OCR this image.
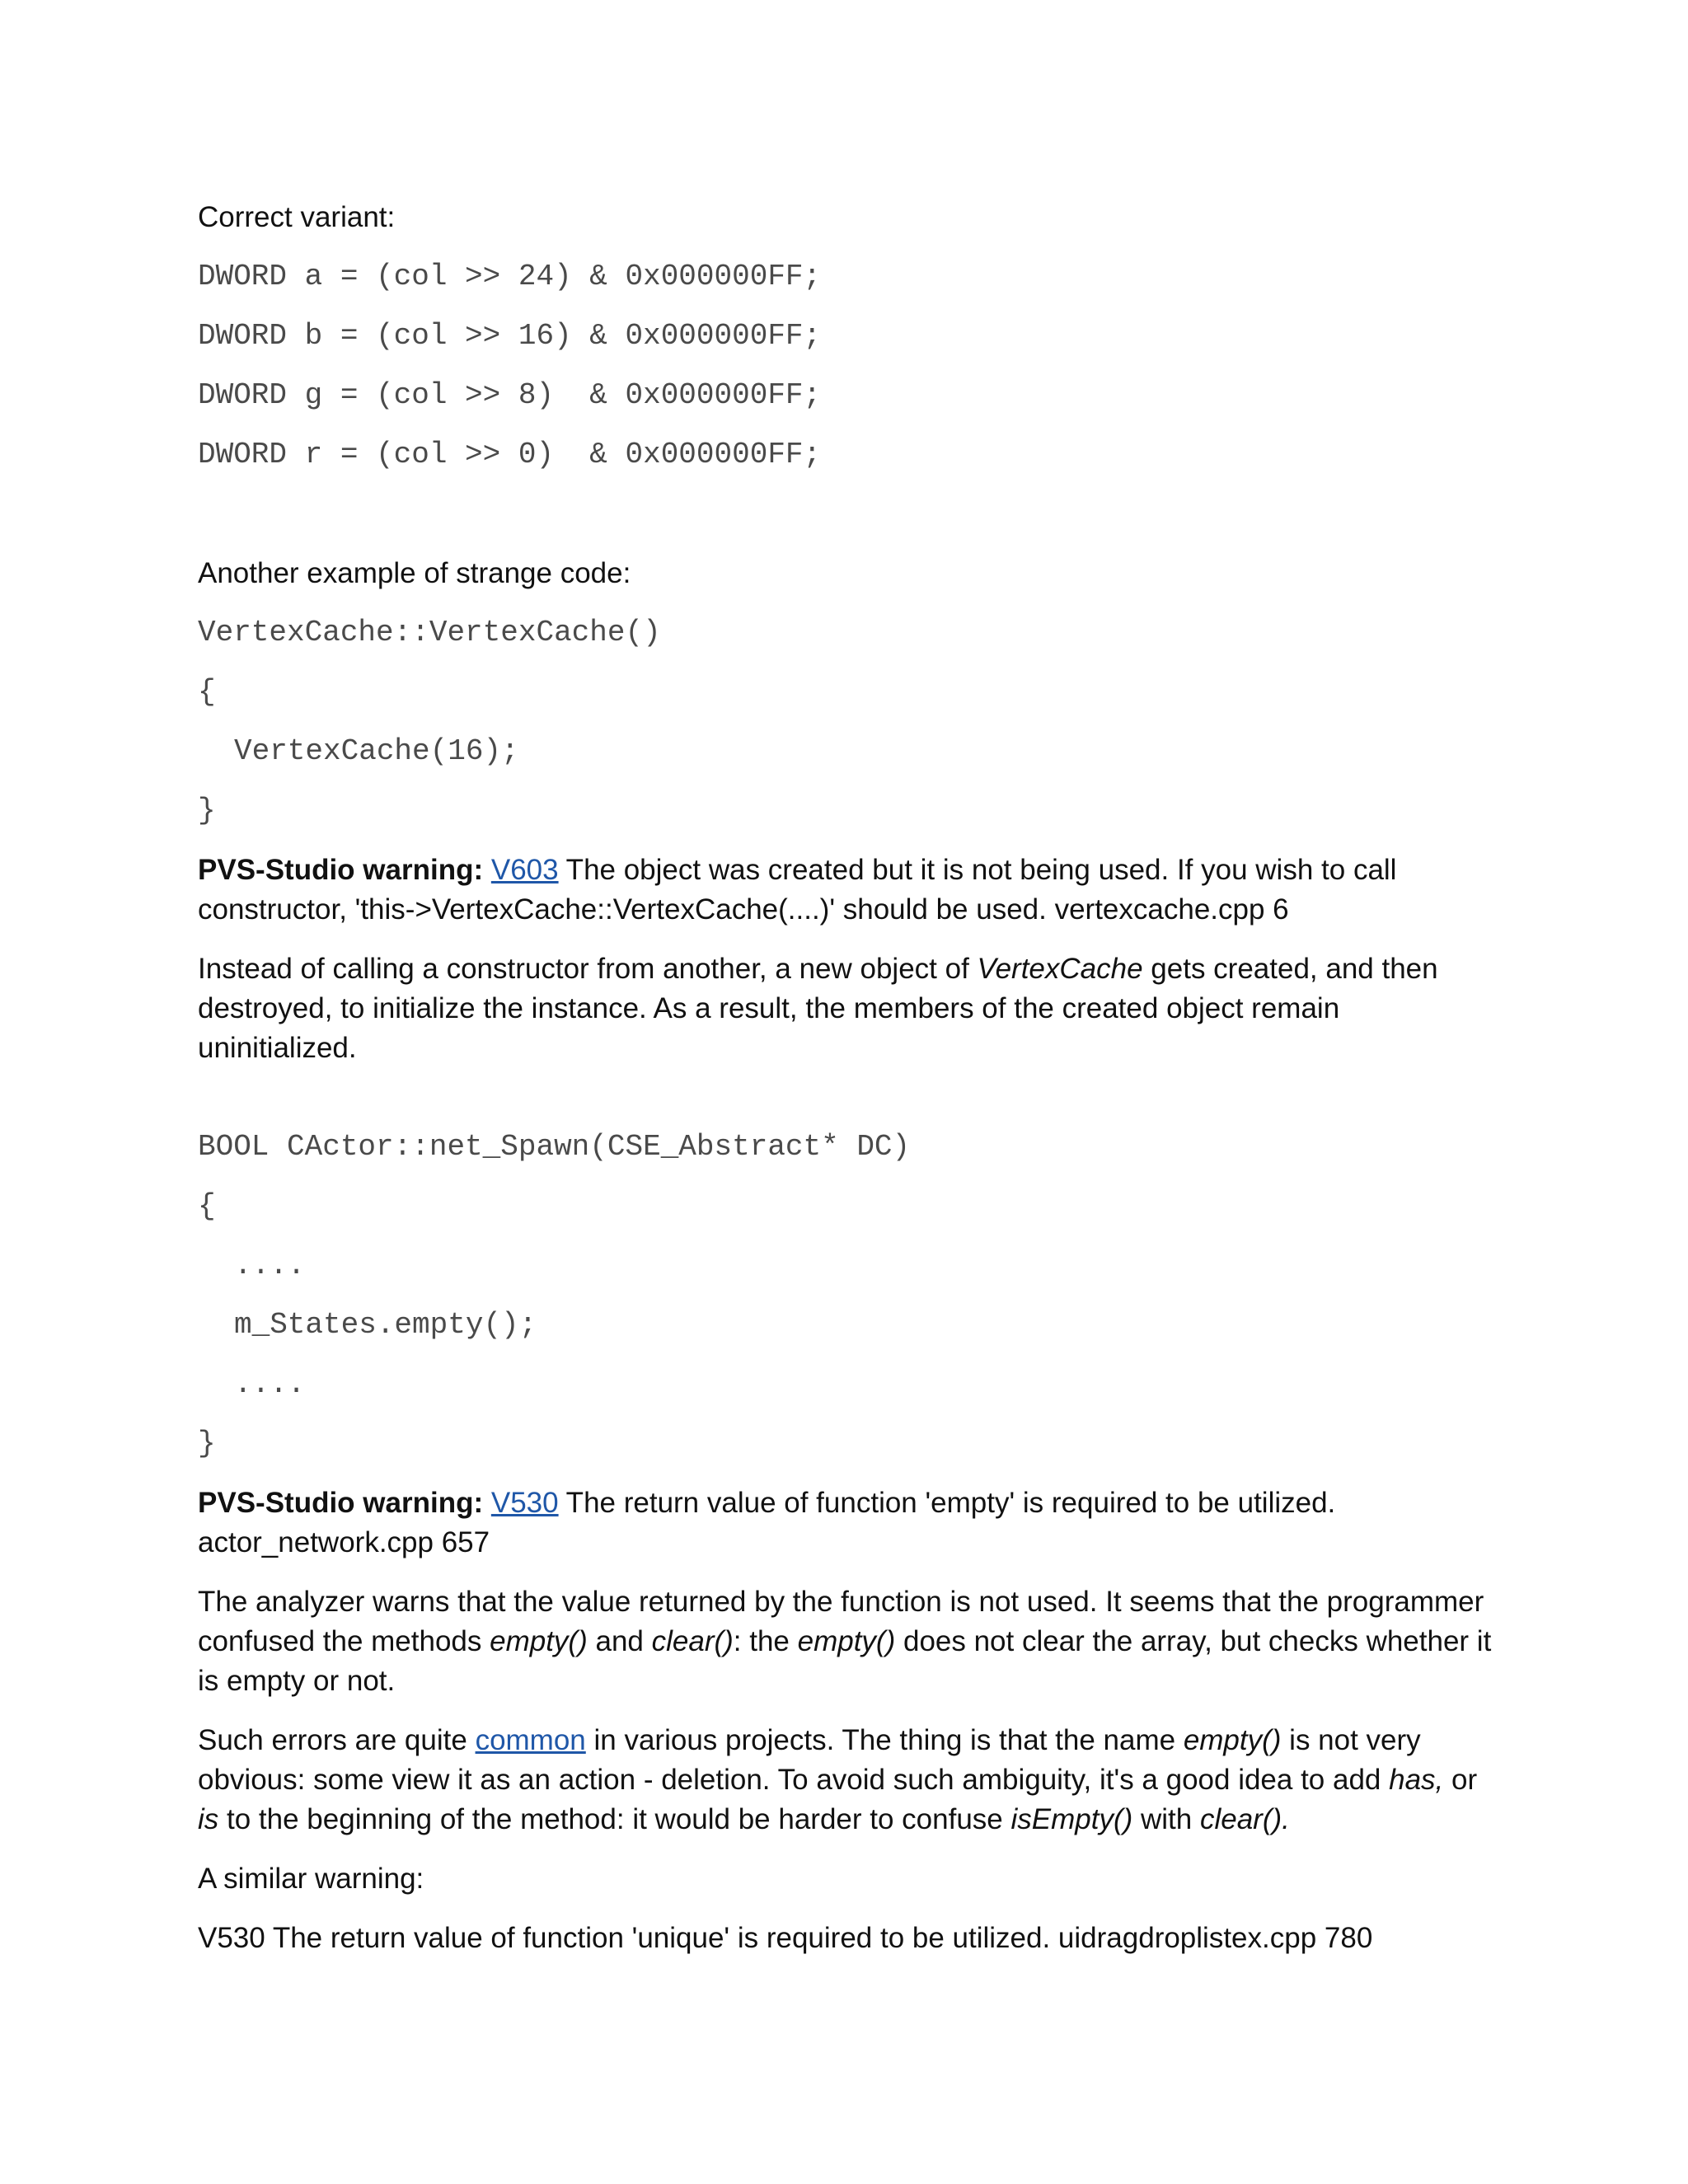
Correct variant:

DWORD a = (col >> 24) & 0x000000FF;
DWORD b = (col >> 16) & 0x000000FF;
DWORD g = (col >> 8)  & 0x000000FF;
DWORD r = (col >> 0)  & 0x000000FF;

Another example of strange code:

VertexCache::VertexCache()
{
VertexCache(16);
}

PVS-Studio warning: V603 The object was created but it is not being used. If you wish to call constructor, 'this->VertexCache::VertexCache(....)' should be used. vertexcache.cpp 6

Instead of calling a constructor from another, a new object of VertexCache gets created, and then destroyed, to initialize the instance. As a result, the members of the created object remain uninitialized.

BOOL CActor::net_Spawn(CSE_Abstract* DC)
{
....
m_States.empty();
....
}

PVS-Studio warning: V530 The return value of function 'empty' is required to be utilized. actor_network.cpp 657

The analyzer warns that the value returned by the function is not used. It seems that the programmer confused the methods empty() and clear(): the empty() does not clear the array, but checks whether it is empty or not.

Such errors are quite common in various projects. The thing is that the name empty() is not very obvious: some view it as an action - deletion. To avoid such ambiguity, it's a good idea to add has, or is to the beginning of the method: it would be harder to confuse isEmpty() with clear().

A similar warning:

V530 The return value of function 'unique' is required to be utilized. uidragdroplistex.cpp 780
